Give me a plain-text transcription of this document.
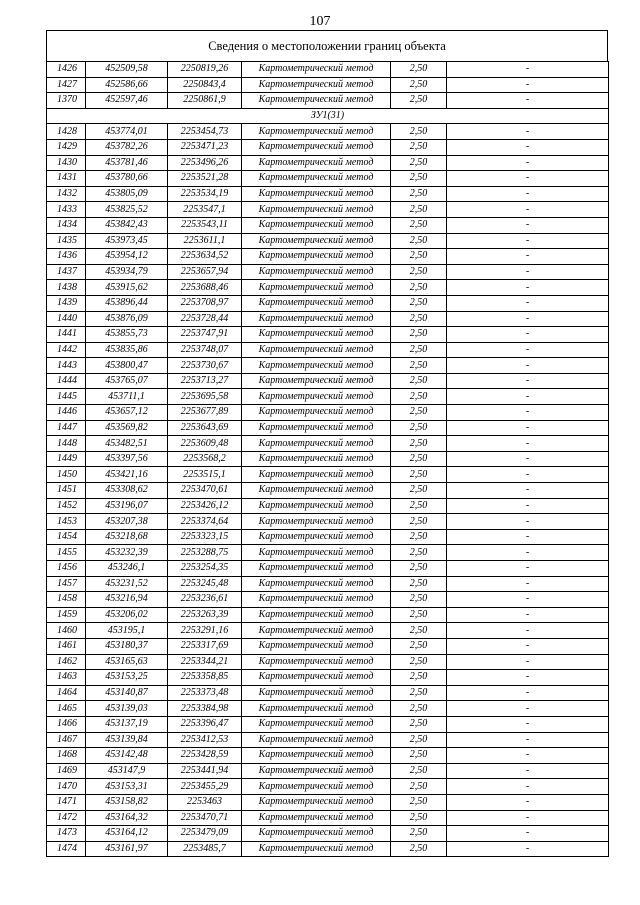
107
Сведения о местоположении границ объекта
1426	452509,58	2250819,26	Картометрический метод	2,50	-
1427	452586,66	2250843,4	Картометрический метод	2,50	-
1370	452597,46	2250861,9	Картометрический метод	2,50	-
ЗУ1(31)					
1428	453774,01	2253454,73	Картометрический метод	2,50	-
1429	453782,26	2253471,23	Картометрический метод	2,50	-
1430	453781,46	2253496,26	Картометрический метод	2,50	-
1431	453780,66	2253521,28	Картометрический метод	2,50	-
1432	453805,09	2253534,19	Картометрический метод	2,50	-
1433	453825,52	2253547,1	Картометрический метод	2,50	-
1434	453842,43	2253543,11	Картометрический метод	2,50	-
1435	453973,45	2253611,1	Картометрический метод	2,50	-
1436	453954,12	2253634,52	Картометрический метод	2,50	-
1437	453934,79	2253657,94	Картометрический метод	2,50	-
1438	453915,62	2253688,46	Картометрический метод	2,50	-
1439	453896,44	2253708,97	Картометрический метод	2,50	-
1440	453876,09	2253728,44	Картометрический метод	2,50	-
1441	453855,73	2253747,91	Картометрический метод	2,50	-
1442	453835,86	2253748,07	Картометрический метод	2,50	-
1443	453800,47	2253730,67	Картометрический метод	2,50	-
1444	453765,07	2253713,27	Картометрический метод	2,50	-
1445	453711,1	2253695,58	Картометрический метод	2,50	-
1446	453657,12	2253677,89	Картометрический метод	2,50	-
1447	453569,82	2253643,69	Картометрический метод	2,50	-
1448	453482,51	2253609,48	Картометрический метод	2,50	-
1449	453397,56	2253568,2	Картометрический метод	2,50	-
1450	453421,16	2253515,1	Картометрический метод	2,50	-
1451	453308,62	2253470,61	Картометрический метод	2,50	-
1452	453196,07	2253426,12	Картометрический метод	2,50	-
1453	453207,38	2253374,64	Картометрический метод	2,50	-
1454	453218,68	2253323,15	Картометрический метод	2,50	-
1455	453232,39	2253288,75	Картометрический метод	2,50	-
1456	453246,1	2253254,35	Картометрический метод	2,50	-
1457	453231,52	2253245,48	Картометрический метод	2,50	-
1458	453216,94	2253236,61	Картометрический метод	2,50	-
1459	453206,02	2253263,39	Картометрический метод	2,50	-
1460	453195,1	2253291,16	Картометрический метод	2,50	-
1461	453180,37	2253317,69	Картометрический метод	2,50	-
1462	453165,63	2253344,21	Картометрический метод	2,50	-
1463	453153,25	2253358,85	Картометрический метод	2,50	-
1464	453140,87	2253373,48	Картометрический метод	2,50	-
1465	453139,03	2253384,98	Картометрический метод	2,50	-
1466	453137,19	2253396,47	Картометрический метод	2,50	-
1467	453139,84	2253412,53	Картометрический метод	2,50	-
1468	453142,48	2253428,59	Картометрический метод	2,50	-
1469	453147,9	2253441,94	Картометрический метод	2,50	-
1470	453153,31	2253455,29	Картометрический метод	2,50	-
1471	453158,82	2253463	Картометрический метод	2,50	-
1472	453164,32	2253470,71	Картометрический метод	2,50	-
1473	453164,12	2253479,09	Картометрический метод	2,50	-
1474	453161,97	2253485,7	Картометрический метод	2,50	-
